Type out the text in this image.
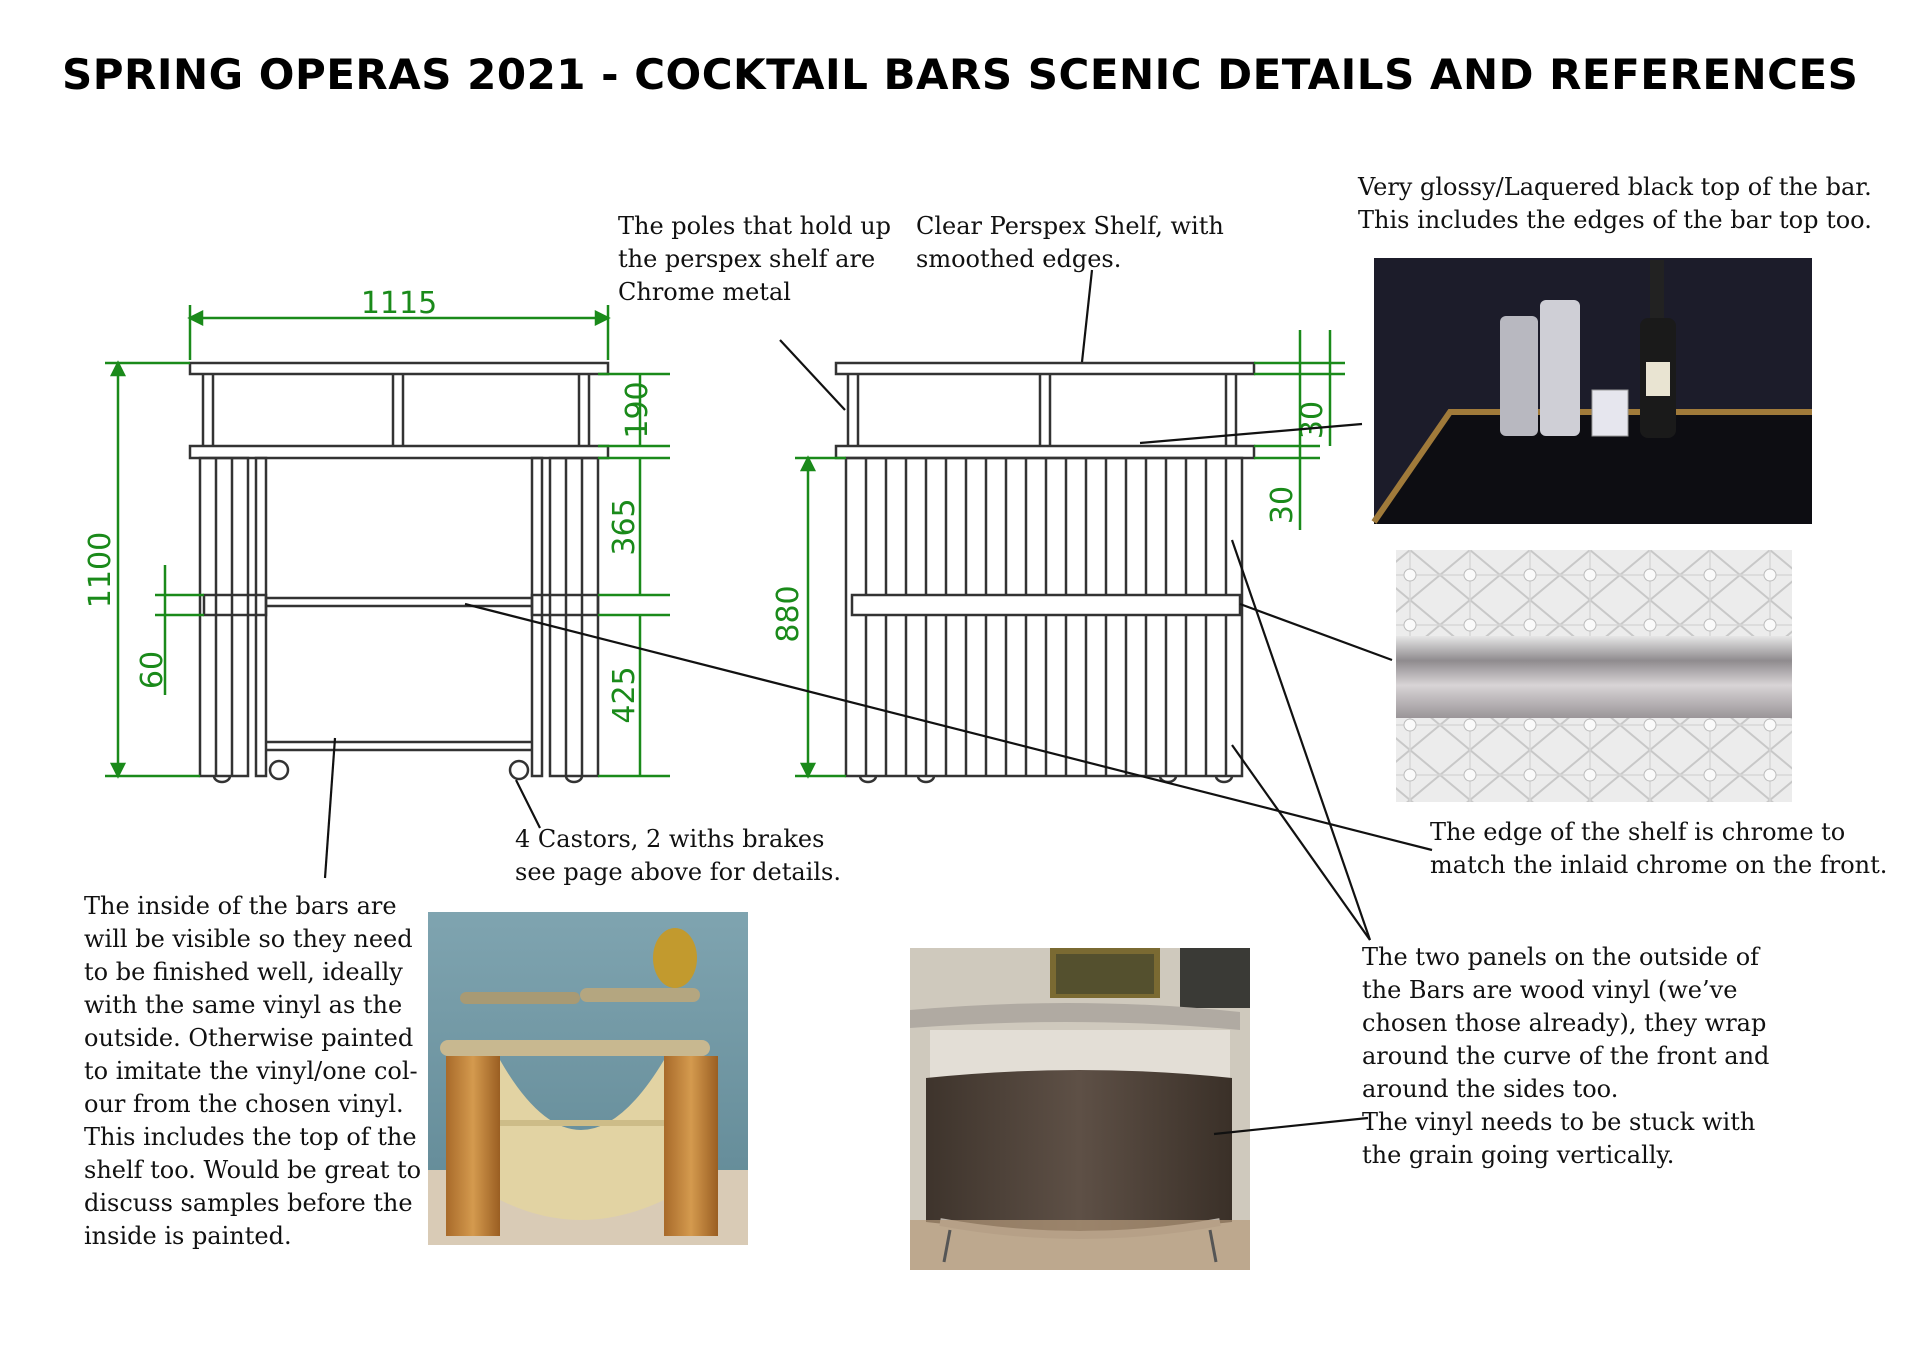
SPRING OPERAS 2021 - COCKTAIL BARS SCENIC DETAILS AND REFERENCES
1115
1100
60
190
365
425
880
30
30
The poles that hold up
the perspex shelf are
Chrome metal
Clear Perspex Shelf, with
smoothed edges.
Very glossy/Laquered black top of the bar.
This includes the edges of the bar top too.
4 Castors, 2 withs brakes
see page above for details.
The inside of the bars are
will be visible so they need
to be finished well, ideally
with the same vinyl as the
outside. Otherwise painted
to imitate the vinyl/one col-
our from the chosen vinyl.
This includes the top of the
shelf too. Would be great to
discuss samples before the
inside is painted.
The edge of the shelf is chrome to
match the inlaid chrome on the front.
The two panels on the outside of
the Bars are wood vinyl (we’ve
chosen those already), they wrap
around the curve of the front and
around the sides too.
The vinyl needs to be stuck with
the grain going vertically.
